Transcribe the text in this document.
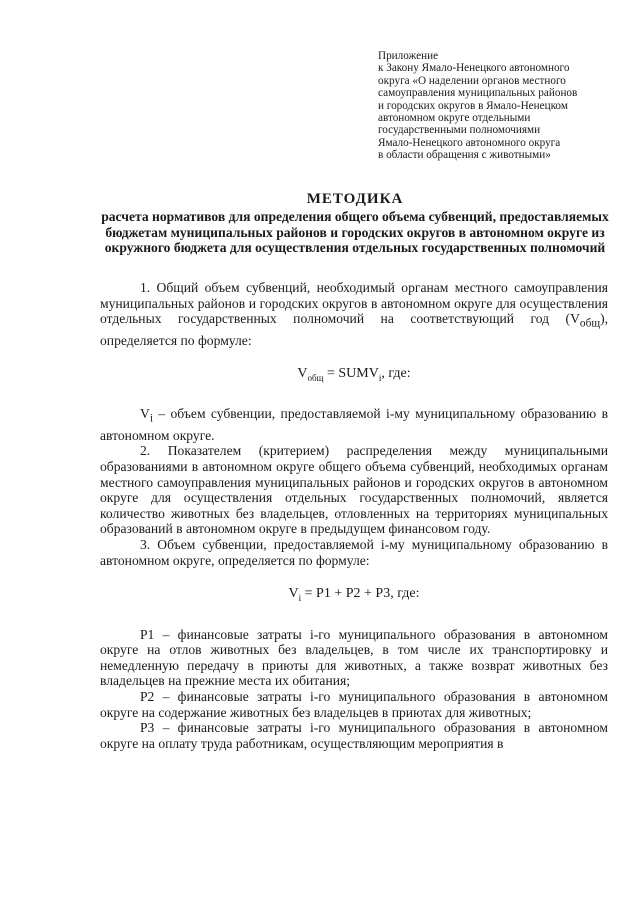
Приложение
к Закону Ямало-Ненецкого автономного
округа «О наделении органов местного
самоуправления муниципальных районов
и городских округов в Ямало-Ненецком
автономном округе отдельными
государственными полномочиями
Ямало-Ненецкого автономного округа
в области обращения с животными»
МЕТОДИКА
расчета нормативов для определения общего объема субвенций, предоставляемых бюджетам муниципальных районов и городских округов в автономном округе из окружного бюджета для осуществления отдельных государственных полномочий

1. Общий объем субвенций, необходимый органам местного самоуправления муниципальных районов и городских округов в автономном округе для осуществления отдельных государственных полномочий на соответствующий год $(V_{общ})$, определяется по формуле:

$V_{общ}$ = $SUMV_i$, где:

$V_i$ – объем субвенции, предоставляемой i-му муниципальному образованию в автономном округе.

2. Показателем (критерием) распределения между муниципальными образованиями в автономном округе общего объема субвенций, необходимых органам местного самоуправления муниципальных районов и городских округов в автономном округе для осуществления отдельных государственных полномочий, является количество животных без владельцев, отловленных на территориях муниципальных образований в автономном округе в предыдущем финансовом году.

3. Объем субвенции, предоставляемой i-му муниципальному образованию в автономном округе, определяется по формуле:

$V_i = P1 + P2 + P3$, где:

P1 – финансовые затраты i-го муниципального образования в автономном округе на отлов животных без владельцев, в том числе их транспортировку и немедленную передачу в приюты для животных, а также возврат животных без владельцев на прежние места их обитания;

P2 – финансовые затраты i-го муниципального образования в автономном округе на содержание животных без владельцев в приютах для животных;

P3 – финансовые затраты i-го муниципального образования в автономном округе на оплату труда работникам, осуществляющим мероприятия в
